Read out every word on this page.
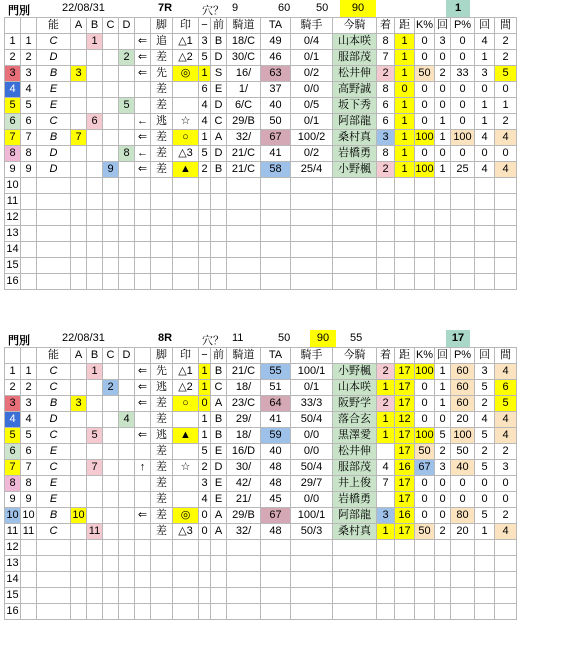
門別	22/08/31	7R	穴？ 9	60 50	90	1
		能	A	B	C	D		脚	印	−	前	騎道	TA	騎手	今騎	着	距	K%	回	P%	回	間
1	1	C		1			⇐	追	△1	3	B	18/C	49	0/4	山本咲	8	1	0	3	0	4	2
2	2	D				2	⇐	差	△2	5	D	30/C	46	0/1	服部茂	7	1	0	0	0	1	2
3	3	B	3				⇐	先	◎	1	S	16/	63	0/2	松井伸	2	1	50	2	33	3	5
4	4	E						差		6	E	1/	37	0/0	高野誠	8	0	0	0	0	0	0
5	5	E				5		差		4	D	6/C	40	0/5	坂下秀	6	1	0	0	0	1	1
6	6	C		6			←	逃	☆	4	C	29/B	50	0/1	阿部龍	6	1	0	1	0	1	2
7	7	B	7				⇐	差	○	1	A	32/	67	100/2	桑村真	3	1	100	1	100	4	4
8	8	D				8	←	差	△3	5	D	21/C	41	0/2	岩橋勇	8	1	0	0	0	0	0
9	9	D			9		⇐	差	▲	2	B	21/C	58	25/4	小野楓	2	1	100	1	25	4	4
10																						
11																						
12																						
13																						
14																						
15																						
16																						
門別	22/08/31	8R	穴？ 11	50	90	55	17
		能	A	B	C	D		脚	印	−	前	騎道	TA	騎手	今騎	着	距	K%	回	P%	回	間
1	1	C		1			⇐	先	△1	1	B	21/C	55	100/1	小野楓	2	17	100	1	60	3	4
2	2	C			2		⇐	逃	△2	1	C	18/	51	0/1	山本咲	1	17	0	1	60	5	6
3	3	B	3				⇐	差	○	0	A	23/C	64	33/3	阪野学	2	17	0	1	60	2	5
4	4	D				4		差		1	B	29/	41	50/4	落合玄	1	12	0	0	20	4	4
5	5	C		5			⇐	逃	▲	1	B	18/	59	0/0	黒澤愛	1	17	100	5	100	5	4
6	6	E						差		5	E	16/D	40	0/0	松井伸		17	50	2	50	2	2
7	7	C		7			↑	差	☆	2	D	30/	48	50/4	服部茂	4	16	67	3	40	5	3
8	8	E						差		3	E	42/	48	29/7	井上俊	7	17	0	0	0	0	0
9	9	E						差		4	E	21/	45	0/0	岩橋勇		17	0	0	0	0	0
10	10	B	10				⇐	差	◎	0	A	29/B	67	100/1	阿部龍	3	16	0	0	80	5	2
11	11	C		11				差	△3	0	A	32/	48	50/3	桑村真	1	17	50	2	20	1	4
12																						
13																						
14																						
15																						
16																						
